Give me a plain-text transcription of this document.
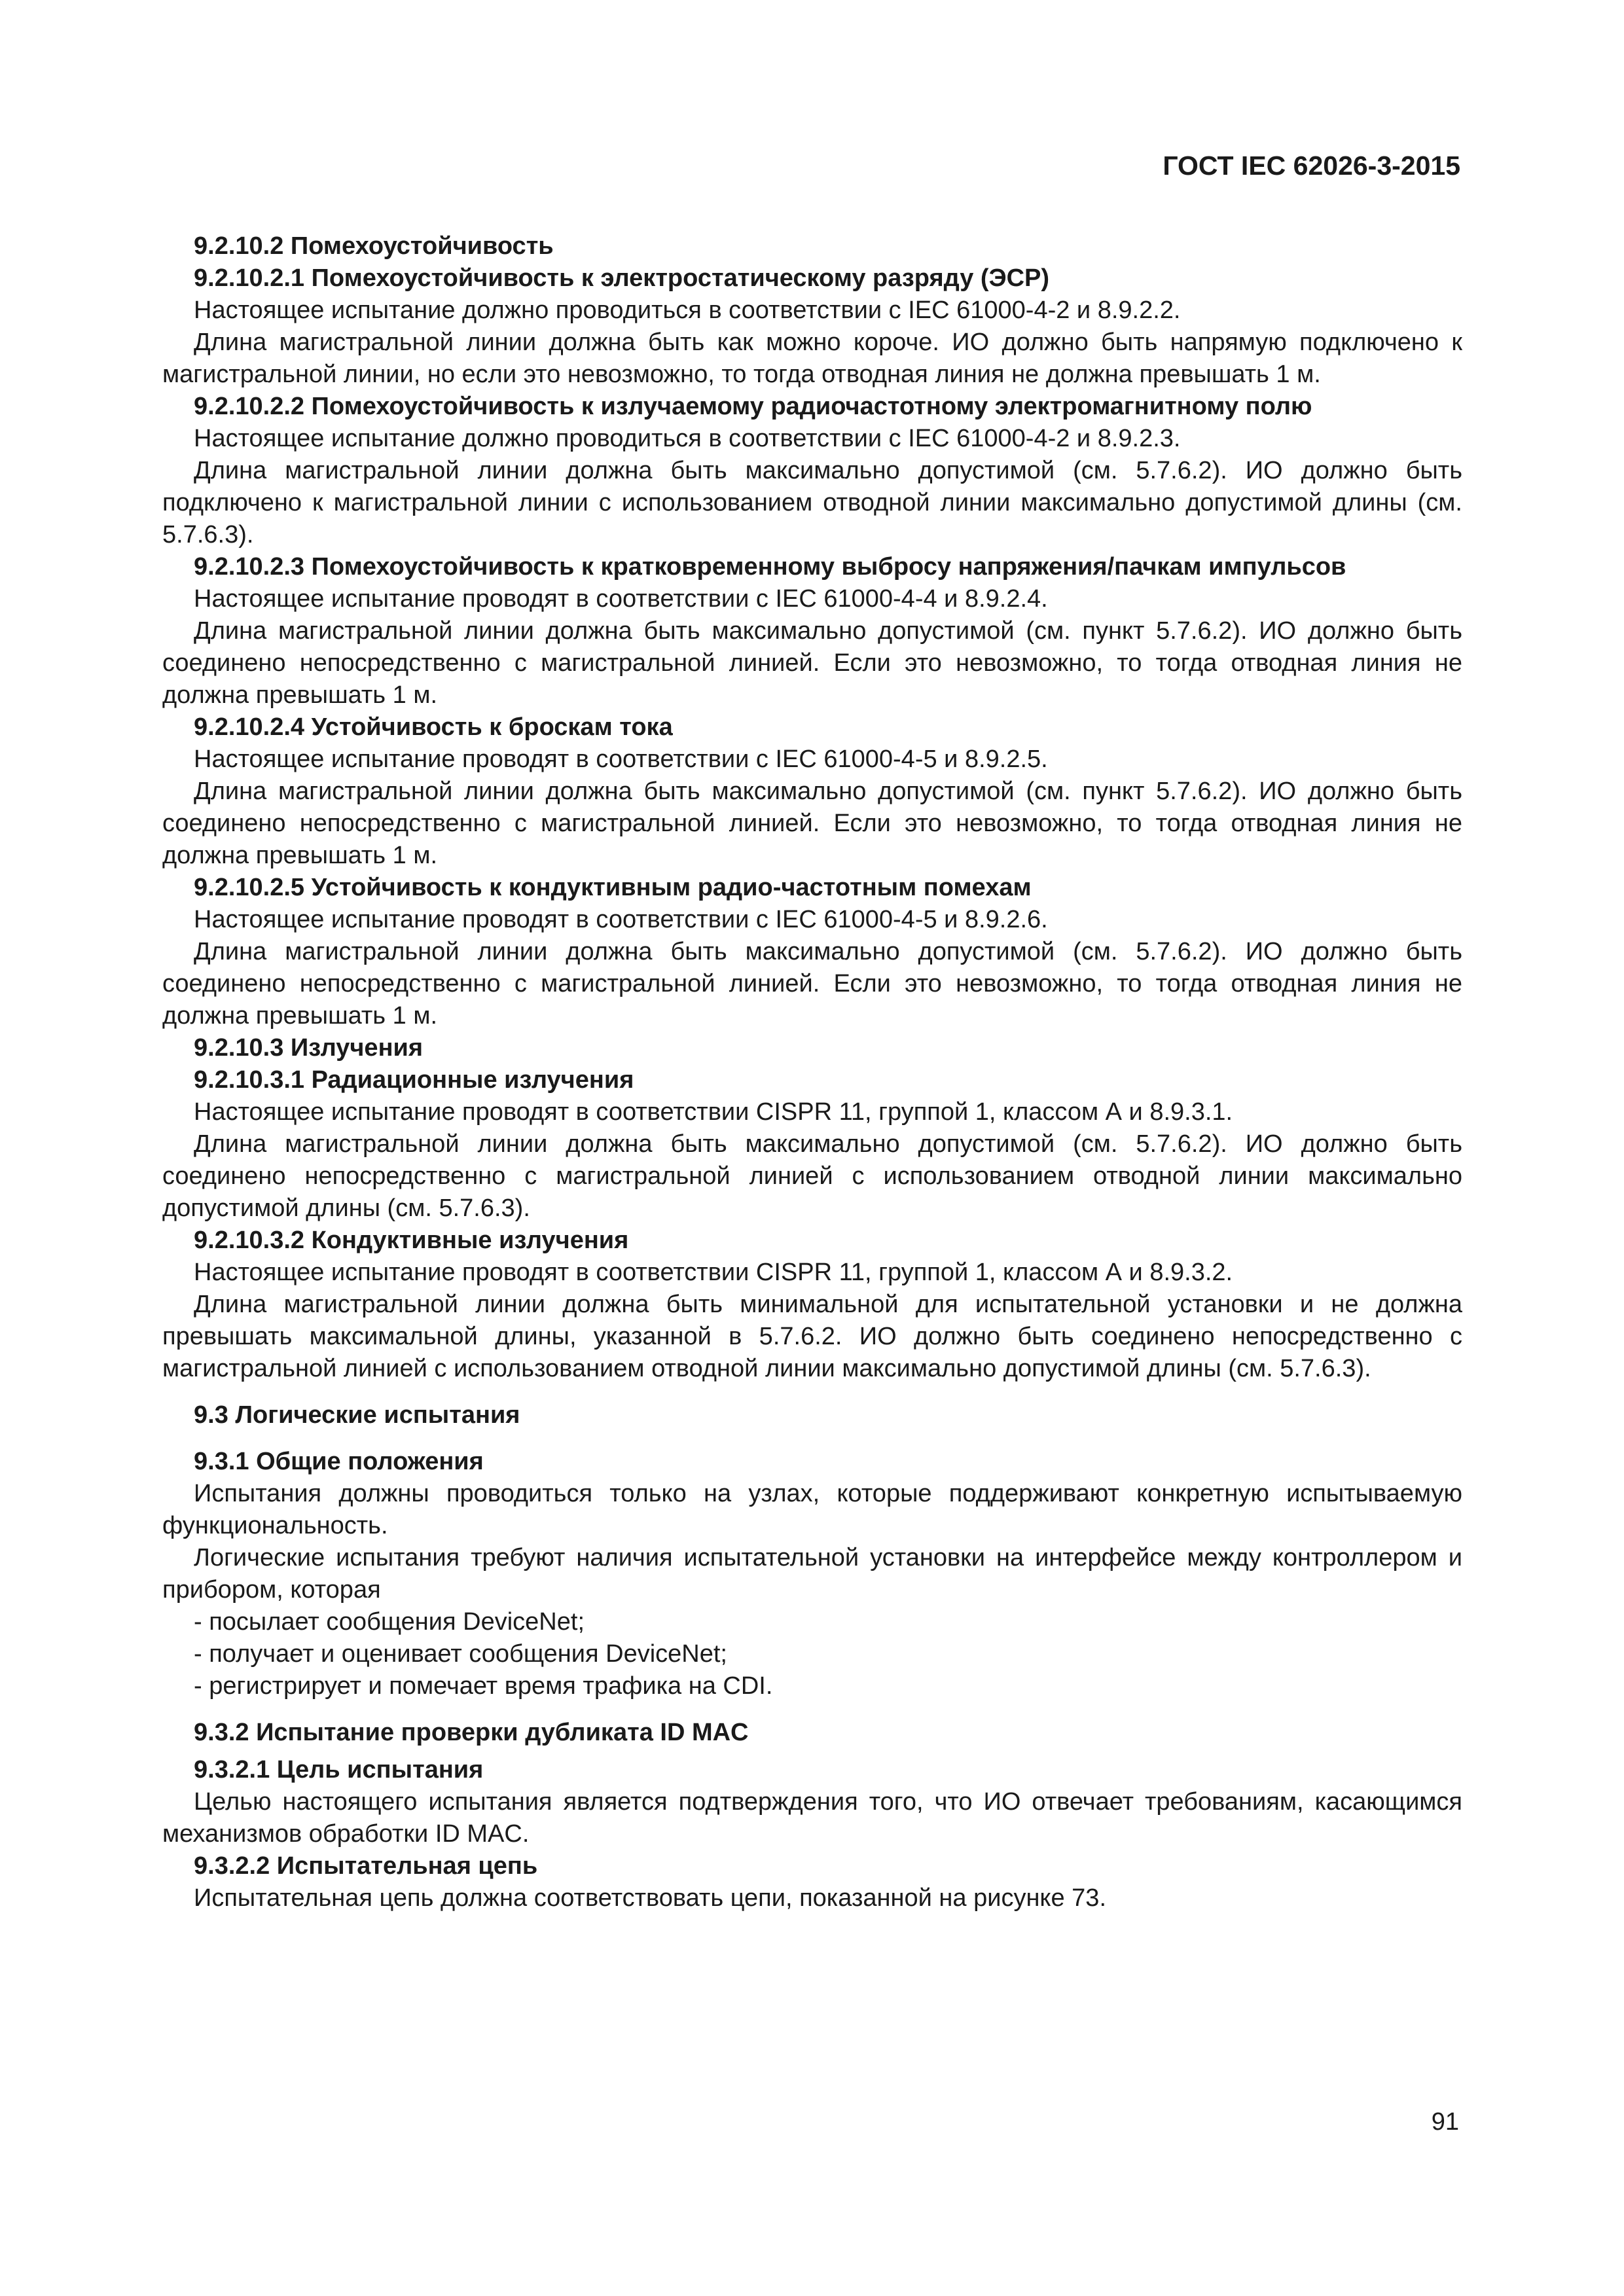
ГОСТ IEC 62026-3-2015
9.2.10.2 Помехоустойчивость
9.2.10.2.1 Помехоустойчивость к электростатическому разряду (ЭСР)
Настоящее испытание должно проводиться в соответствии с IEC 61000-4-2 и 8.9.2.2.
Длина магистральной линии должна быть как можно короче. ИО должно быть напрямую подключено к магистральной линии, но если это невозможно, то тогда отводная линия не должна превышать 1 м.
9.2.10.2.2 Помехоустойчивость к излучаемому радиочастотному электромагнитному полю
Настоящее испытание должно проводиться в соответствии с IEC 61000-4-2 и 8.9.2.3.
Длина магистральной линии должна быть максимально допустимой (см. 5.7.6.2). ИО должно быть подключено к магистральной линии с использованием отводной линии максимально допустимой длины (см. 5.7.6.3).
9.2.10.2.3 Помехоустойчивость к кратковременному выбросу напряжения/пачкам импульсов
Настоящее испытание проводят в соответствии с IEC 61000-4-4 и 8.9.2.4.
Длина магистральной линии должна быть максимально допустимой (см. пункт 5.7.6.2). ИО должно быть соединено непосредственно с магистральной линией. Если это невозможно, то тогда отводная линия не должна превышать 1 м.
9.2.10.2.4 Устойчивость к броскам тока
Настоящее испытание проводят в соответствии с IEC 61000-4-5 и 8.9.2.5.
Длина магистральной линии должна быть максимально допустимой (см. пункт 5.7.6.2). ИО должно быть соединено непосредственно с магистральной линией. Если это невозможно, то тогда отводная линия не должна превышать 1 м.
9.2.10.2.5 Устойчивость к кондуктивным радио-частотным помехам
Настоящее испытание проводят в соответствии с IEC 61000-4-5 и 8.9.2.6.
Длина магистральной линии должна быть максимально допустимой (см. 5.7.6.2). ИО должно быть соединено непосредственно с магистральной линией. Если это невозможно, то тогда отводная линия не должна превышать 1 м.
9.2.10.3 Излучения
9.2.10.3.1 Радиационные излучения
Настоящее испытание проводят в соответствии CISPR 11, группой 1, классом А и 8.9.3.1.
Длина магистральной линии должна быть максимально допустимой (см. 5.7.6.2). ИО должно быть соединено непосредственно с магистральной линией с использованием отводной линии максимально допустимой длины (см. 5.7.6.3).
9.2.10.3.2 Кондуктивные излучения
Настоящее испытание проводят в соответствии CISPR 11, группой 1, классом А и 8.9.3.2.
Длина магистральной линии должна быть минимальной для испытательной установки и не должна превышать максимальной длины, указанной в 5.7.6.2. ИО должно быть соединено непосредственно с магистральной линией с использованием отводной линии максимально допустимой длины (см. 5.7.6.3).
9.3 Логические испытания
9.3.1 Общие положения
Испытания должны проводиться только на узлах, которые поддерживают конкретную испытываемую функциональность.
Логические испытания требуют наличия испытательной установки на интерфейсе между контроллером и прибором, которая
- посылает сообщения DeviceNet;
- получает и оценивает сообщения DeviceNet;
- регистрирует и помечает время трафика на CDI.
9.3.2 Испытание проверки дубликата ID MAC
9.3.2.1 Цель испытания
Целью настоящего испытания является подтверждения того, что ИО отвечает требованиям, касающимся механизмов обработки ID MAC.
9.3.2.2 Испытательная цепь
Испытательная цепь должна соответствовать цепи, показанной на рисунке 73.
91
